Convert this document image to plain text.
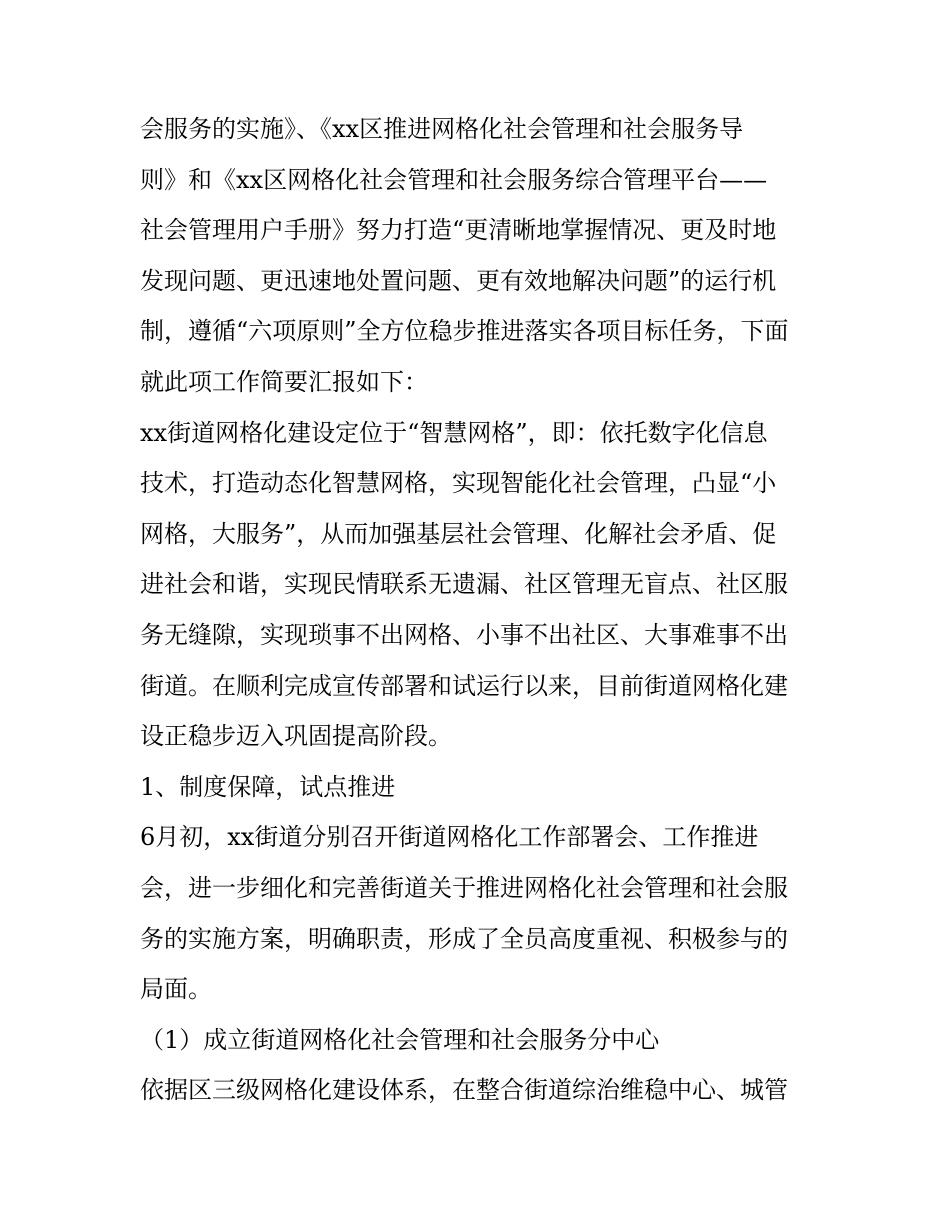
会服务的实施》、《xx区推进网格化社会管理和社会服务导

则》和《xx区网格化社会管理和社会服务综合管理平台——

社会管理用户手册》努力打造“更清晰地掌握情况、更及时地

发现问题、更迅速地处置问题、更有效地解决问题”的运行机

制，遵循“六项原则”全方位稳步推进落实各项目标任务，下面

就此项工作简要汇报如下：

xx街道网格化建设定位于“智慧网格”，即：依托数字化信息

技术，打造动态化智慧网格，实现智能化社会管理，凸显“小

网格，大服务”，从而加强基层社会管理、化解社会矛盾、促

进社会和谐，实现民情联系无遗漏、社区管理无盲点、社区服

务无缝隙，实现琐事不出网格、小事不出社区、大事难事不出

街道。在顺利完成宣传部署和试运行以来，目前街道网格化建

设正稳步迈入巩固提高阶段。

1、制度保障，试点推进

6月初，xx街道分别召开街道网格化工作部署会、工作推进

会，进一步细化和完善街道关于推进网格化社会管理和社会服

务的实施方案，明确职责，形成了全员高度重视、积极参与的

局面。

（1）成立街道网格化社会管理和社会服务分中心

依据区三级网格化建设体系，在整合街道综治维稳中心、城管
